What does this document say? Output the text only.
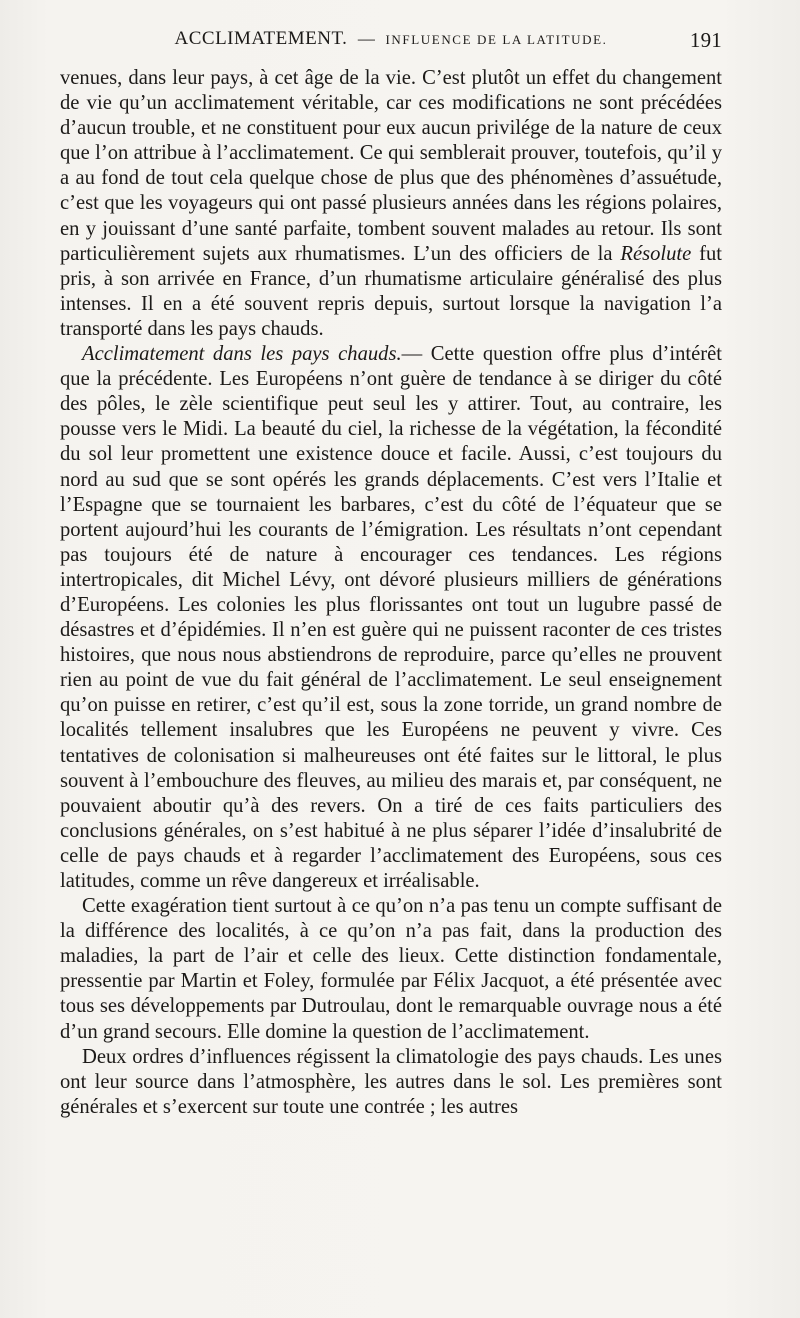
ACCLIMATEMENT. — INFLUENCE DE LA LATITUDE.	191

venues, dans leur pays, à cet âge de la vie. C’est plutôt un effet du changement de vie qu’un acclimatement véritable, car ces modifications ne sont précédées d’aucun trouble, et ne constituent pour eux aucun privilége de la nature de ceux que l’on attribue à l’acclimatement. Ce qui semblerait prouver, toutefois, qu’il y a au fond de tout cela quelque chose de plus que des phénomènes d’assuétude, c’est que les voyageurs qui ont passé plusieurs années dans les régions polaires, en y jouissant d’une santé parfaite, tombent souvent malades au retour. Ils sont particulièrement sujets aux rhumatismes. L’un des officiers de la Résolute fut pris, à son arrivée en France, d’un rhumatisme articulaire généralisé des plus intenses. Il en a été souvent repris depuis, surtout lorsque la navigation l’a transporté dans les pays chauds.

Acclimatement dans les pays chauds.— Cette question offre plus d’intérêt que la précédente. Les Européens n’ont guère de tendance à se diriger du côté des pôles, le zèle scientifique peut seul les y attirer. Tout, au contraire, les pousse vers le Midi. La beauté du ciel, la richesse de la végétation, la fécondité du sol leur promettent une existence douce et facile. Aussi, c’est toujours du nord au sud que se sont opérés les grands déplacements. C’est vers l’Italie et l’Espagne que se tournaient les barbares, c’est du côté de l’équateur que se portent aujourd’hui les courants de l’émigration. Les résultats n’ont cependant pas toujours été de nature à encourager ces tendances. Les régions intertropicales, dit Michel Lévy, ont dévoré plusieurs milliers de générations d’Européens. Les colonies les plus florissantes ont tout un lugubre passé de désastres et d’épidémies. Il n’en est guère qui ne puissent raconter de ces tristes histoires, que nous nous abstiendrons de reproduire, parce qu’elles ne prouvent rien au point de vue du fait général de l’acclimatement. Le seul enseignement qu’on puisse en retirer, c’est qu’il est, sous la zone torride, un grand nombre de localités tellement insalubres que les Européens ne peuvent y vivre. Ces tentatives de colonisation si malheureuses ont été faites sur le littoral, le plus souvent à l’embouchure des fleuves, au milieu des marais et, par conséquent, ne pouvaient aboutir qu’à des revers. On a tiré de ces faits particuliers des conclusions générales, on s’est habitué à ne plus séparer l’idée d’insalubrité de celle de pays chauds et à regarder l’acclimatement des Européens, sous ces latitudes, comme un rêve dangereux et irréalisable.

Cette exagération tient surtout à ce qu’on n’a pas tenu un compte suffisant de la différence des localités, à ce qu’on n’a pas fait, dans la production des maladies, la part de l’air et celle des lieux. Cette distinction fondamentale, pressentie par Martin et Foley, formulée par Félix Jacquot, a été présentée avec tous ses développements par Dutroulau, dont le remarquable ouvrage nous a été d’un grand secours. Elle domine la question de l’acclimatement.

Deux ordres d’influences régissent la climatologie des pays chauds. Les unes ont leur source dans l’atmosphère, les autres dans le sol. Les premières sont générales et s’exercent sur toute une contrée ; les autres
